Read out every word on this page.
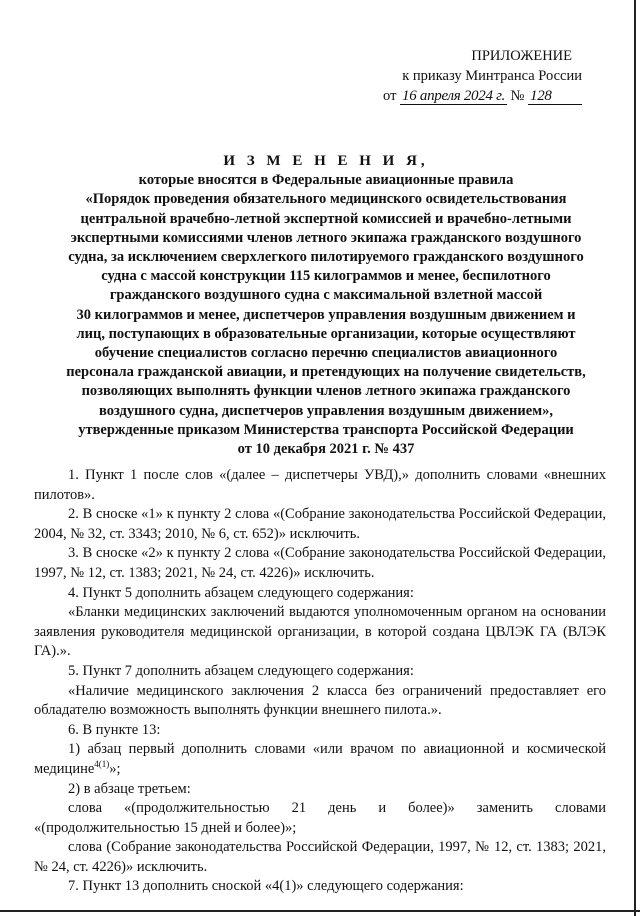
ПРИЛОЖЕНИЕ
к приказу Минтранса России
от 16 апреля 2024 г. № 128
И З М Е Н Е Н И Я,
которые вносятся в Федеральные авиационные правила
«Порядок проведения обязательного медицинского освидетельствования
центральной врачебно-летной экспертной комиссией и врачебно-летными
экспертными комиссиями членов летного экипажа гражданского воздушного
судна, за исключением сверхлегкого пилотируемого гражданского воздушного
судна с массой конструкции 115 килограммов и менее, беспилотного
гражданского воздушного судна с максимальной взлетной массой
30 килограммов и менее, диспетчеров управления воздушным движением и
лиц, поступающих в образовательные организации, которые осуществляют
обучение специалистов согласно перечню специалистов авиационного
персонала гражданской авиации, и претендующих на получение свидетельств,
позволяющих выполнять функции членов летного экипажа гражданского
воздушного судна, диспетчеров управления воздушным движением»,
утвержденные приказом Министерства транспорта Российской Федерации
от 10 декабря 2021 г. № 437

1. Пункт 1 после слов «(далее – диспетчеры УВД),» дополнить словами «внешних пилотов».

2. В сноске «1» к пункту 2 слова «(Собрание законодательства Российской Федерации, 2004, № 32, ст. 3343; 2010, № 6, ст. 652)» исключить.

3. В сноске «2» к пункту 2 слова «(Собрание законодательства Российской Федерации, 1997, № 12, ст. 1383; 2021, № 24, ст. 4226)» исключить.

4. Пункт 5 дополнить абзацем следующего содержания:

«Бланки медицинских заключений выдаются уполномоченным органом на основании заявления руководителя медицинской организации, в которой создана ЦВЛЭК ГА (ВЛЭК ГА).».

5. Пункт 7 дополнить абзацем следующего содержания:

«Наличие медицинского заключения 2 класса без ограничений предоставляет его обладателю возможность выполнять функции внешнего пилота.».

6. В пункте 13:

1) абзац первый дополнить словами «или врачом по авиационной и космической медицине$^{4(1)}$»;

2) в абзаце третьем:

слова «(продолжительностью 21 день и более)» заменить словами «(продолжительностью 15 дней и более)»;

слова (Собрание законодательства Российской Федерации, 1997, № 12, ст. 1383; 2021, № 24, ст. 4226)» исключить.

7. Пункт 13 дополнить сноской «4(1)» следующего содержания:
